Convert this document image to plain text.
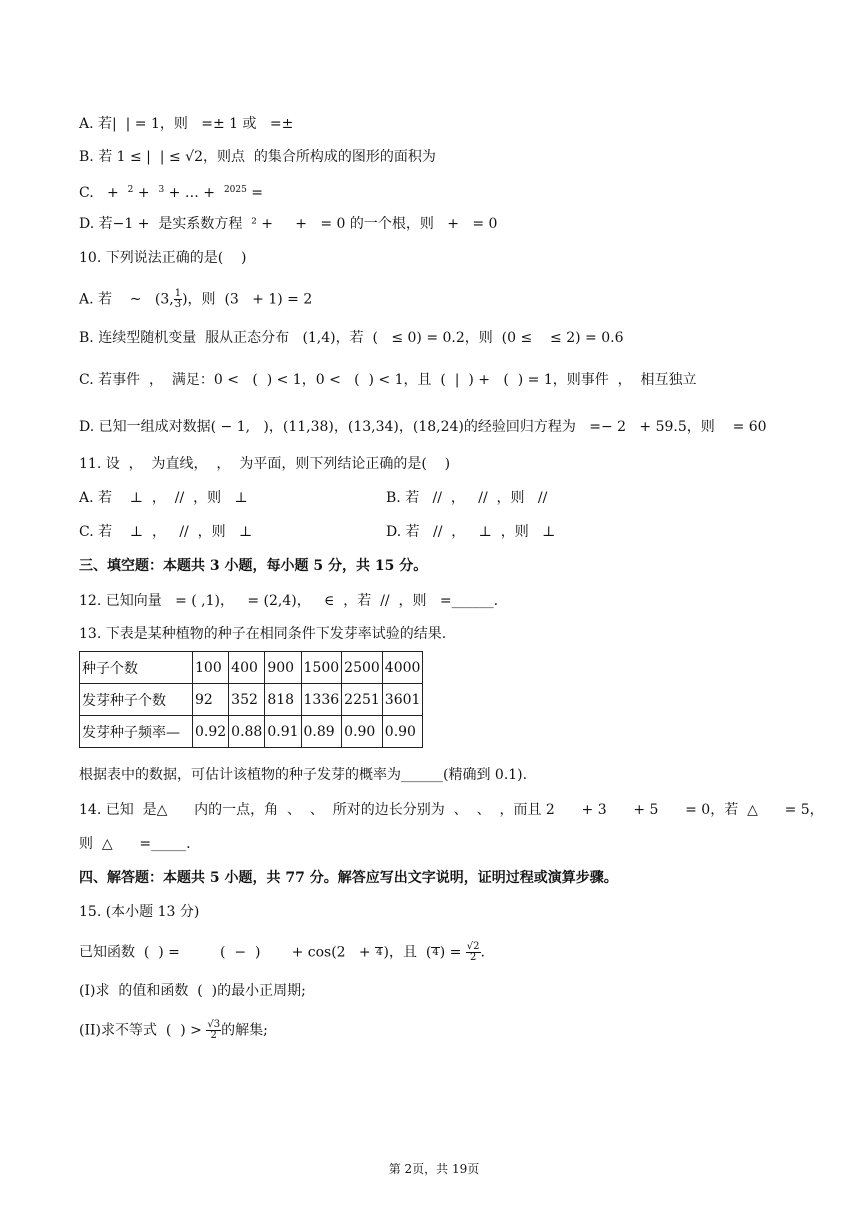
A. 若|  | = 1，则   =± 1 或   =±
B. 若 1 ≤ |  | ≤ √2，则点  的集合所构成的图形的面积为
C.   +  $^2$ +  $^3$ + … +  $^{2025}$ =
D. 若−1 +  是实系数方程  ² +     +   = 0 的一个根，则   +   = 0
10. 下列说法正确的是(    )
A. 若    ~   (3, $\frac{1}{3}$ )，则  (3   + 1) = 2
B. 连续型随机变量  服从正态分布   (1,4)，若  (   ≤ 0) = 0.2，则  (0 ≤    ≤ 2) = 0.6
C. 若事件  ，  满足：0 <   (  ) < 1，0 <   (  ) < 1，且  (  |  ) +   (  ) = 1，则事件  ，  相互独立
D. 已知一组成对数据( − 1,   )，(11,38)，(13,34)，(18,24)的经验回归方程为   =− 2   + 59.5，则    = 60
11. 设  ，  为直线，  ，  为平面，则下列结论正确的是(    )
A. 若    ⊥  ，  //  ，则   ⊥	B. 若   //  ，   //  ，则   //
C. 若    ⊥  ，   //  ，则   ⊥	D. 若   //  ，   ⊥  ，则   ⊥
三、填空题：本题共 3 小题，每小题 5 分，共 15 分。
12. 已知向量   = ( ,1)，   = (2,4)，   ∈  ，若  //  ，则   =______.
13. 下表是某种植物的种子在相同条件下发芽率试验的结果.
种子个数	100	400	900	1500	2500	4000
发芽种子个数	92	352	818	1336	2251	3601
发芽种子频率—	0.92	0.88	0.91	0.89	0.90	0.90
根据表中的数据，可估计该植物的种子发芽的概率为______(精确到 0.1).
14. 已知  是△      内的一点，角  、  、  所对的边长分别为  、  、  ，而且 2      + 3      + 5      = 0，若  △      = 5，
则  △      =_____.
四、解答题：本题共 5 小题，共 77 分。解答应写出文字说明，证明过程或演算步骤。
15. (本小题 13 分)
已知函数  (  ) =         (  −  )       + cos(2   + 4 )，且  ( 4 ) = $\frac{√2}{2}$ .
(I)求  的值和函数  (  )的最小正周期;
(II)求不等式  (  ) > $\frac{√3}{2}$ 的解集;
第 2页，共 19页
